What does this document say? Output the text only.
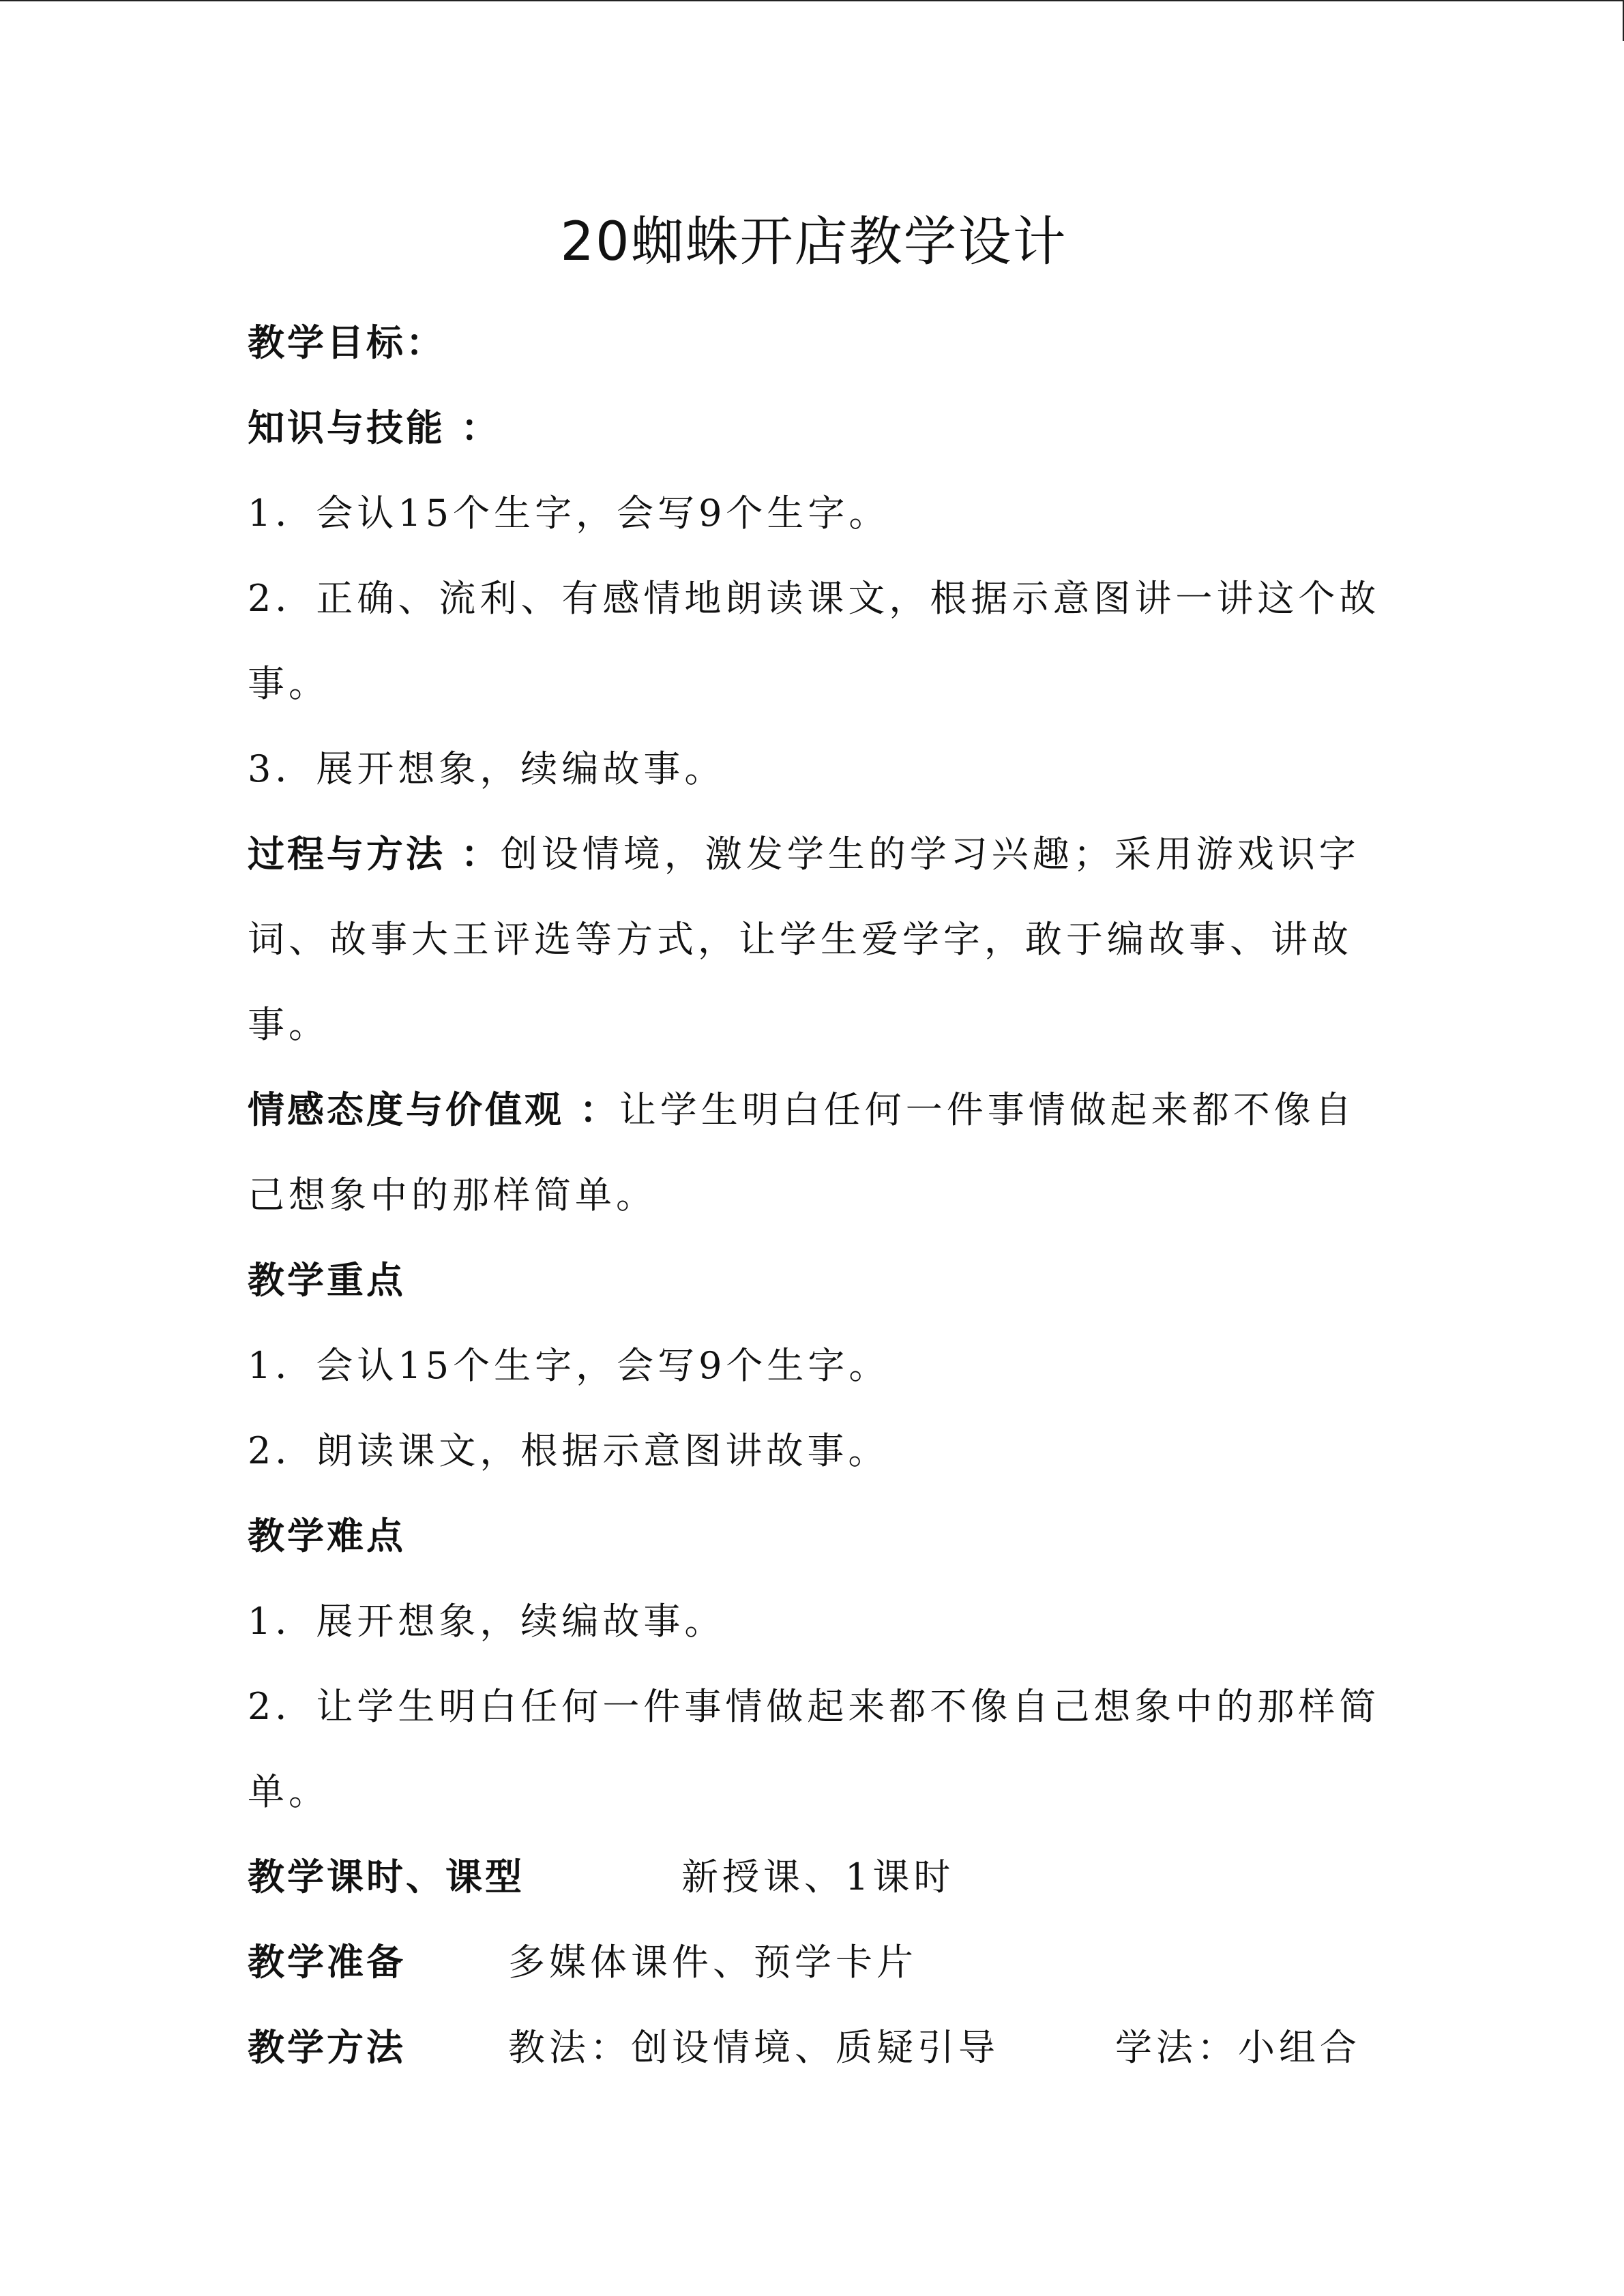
20蜘蛛开店教学设计
教学目标：
知识与技能 ：
1．会认15个生字，会写9个生字。
2．正确、流利、有感情地朗读课文，根据示意图讲一讲这个故
事。
3．展开想象，续编故事。
过程与方法 ：创设情境，激发学生的学习兴趣；采用游戏识字
词、故事大王评选等方式，让学生爱学字，敢于编故事、讲故
事。
情感态度与价值观 ：让学生明白任何一件事情做起来都不像自
己想象中的那样简单。
教学重点
1．会认15个生字，会写9个生字。
2．朗读课文，根据示意图讲故事。
教学难点
1．展开想象，续编故事。
2．让学生明白任何一件事情做起来都不像自己想象中的那样简
单。
教学课时、课型	新授课、1课时
教学准备	多媒体课件、预学卡片
教学方法	教法：创设情境、质疑引导	学法：小组合
